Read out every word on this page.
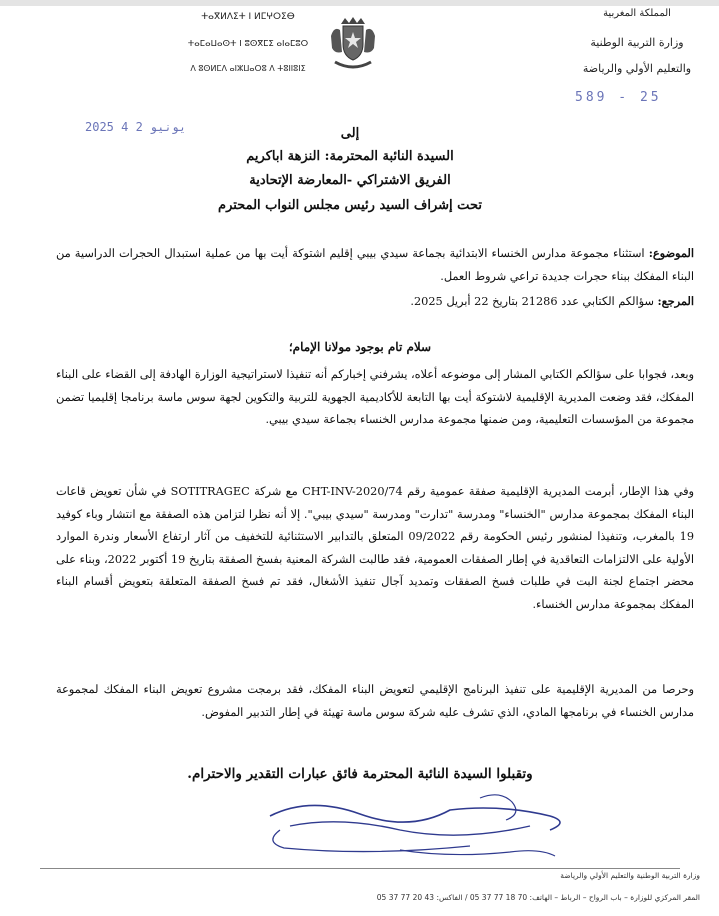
ⵜⴰⴳⵍⴷⵉⵜ ⵏ ⵍⵎⵖⵔⵉⴱ
ⵜⴰⵎⴰⵡⴰⵙⵜ ⵏ ⵓⵙⴳⵎⵉ ⴰⵏⴰⵎⵓⵔ
ⴷ ⵓⵙⵍⵎⴷ ⴰⵏⵣⵡⴰⵔⵓ ⴷ ⵜⵓⵏⵏⵓⵏⵉ
المملكة المغربية
وزارة التربية الوطنية
والتعليم الأولي والرياضة
589 - 25
2025 يونيو 2 4	إلى
السيدة النائبة المحترمة: النزهة اباكريم
الفريق الاشتراكي -المعارضة الإتحادية
تحت إشراف السيد رئيس مجلس النواب المحترم
الموضوع: استثناء مجموعة مدارس الخنساء الابتدائية بجماعة سيدي بيبي إقليم اشتوكة أيت بها من عملية استبدال الحجرات الدراسية من البناء المفكك ببناء حجرات جديدة تراعي شروط العمل.
المرجع: سؤالكم الكتابي عدد 21286 بتاريخ 22 أبريل 2025.
سلام تام بوجود مولانا الإمام؛
وبعد، فجوابا على سؤالكم الكتابي المشار إلى موضوعه أعلاه، يشرفني إخباركم أنه تنفيذا لاستراتيجية الوزارة الهادفة إلى القضاء على البناء المفكك، فقد وضعت المديرية الإقليمية لاشتوكة أيت بها التابعة للأكاديمية الجهوية للتربية والتكوين لجهة سوس ماسة برنامجا إقليميا تضمن مجموعة من المؤسسات التعليمية، ومن ضمنها مجموعة مدارس الخنساء بجماعة سيدي بيبي.
وفي هذا الإطار، أبرمت المديرية الإقليمية صفقة عمومية رقم CHT-INV-2020/74 مع شركة SOTITRAGEC في شأن تعويض قاعات البناء المفكك بمجموعة مدارس "الخنساء" ومدرسة "تدارت" ومدرسة "سيدي بيبي". إلا أنه نظرا لتزامن هذه الصفقة مع انتشار وباء كوفيد 19 بالمغرب، وتنفيذا لمنشور رئيس الحكومة رقم 09/2022 المتعلق بالتدابير الاستثنائية للتخفيف من آثار ارتفاع الأسعار وندرة الموارد الأولية على الالتزامات التعاقدية في إطار الصفقات العمومية، فقد طالبت الشركة المعنية بفسخ الصفقة بتاريخ 19 أكتوبر 2022، وبناء على محضر اجتماع لجنة البت في طلبات فسخ الصفقات وتمديد آجال تنفيذ الأشغال، فقد تم فسخ الصفقة المتعلقة بتعويض أقسام البناء المفكك بمجموعة مدارس الخنساء.
وحرصا من المديرية الإقليمية على تنفيذ البرنامج الإقليمي لتعويض البناء المفكك، فقد برمجت مشروع تعويض البناء المفكك لمجموعة مدارس الخنساء في برنامجها المادي، الذي تشرف عليه شركة سوس ماسة تهيئة في إطار التدبير المفوض.
وتقبلوا السيدة النائبة المحترمة فائق عبارات التقدير والاحترام.
وزارة التربية الوطنية والتعليم الأولي والرياضة
المقر المركزي للوزارة – باب الرواح – الرباط – الهاتف: 70 18 77 37 05 / الفاكس: 43 20 77 37 05
